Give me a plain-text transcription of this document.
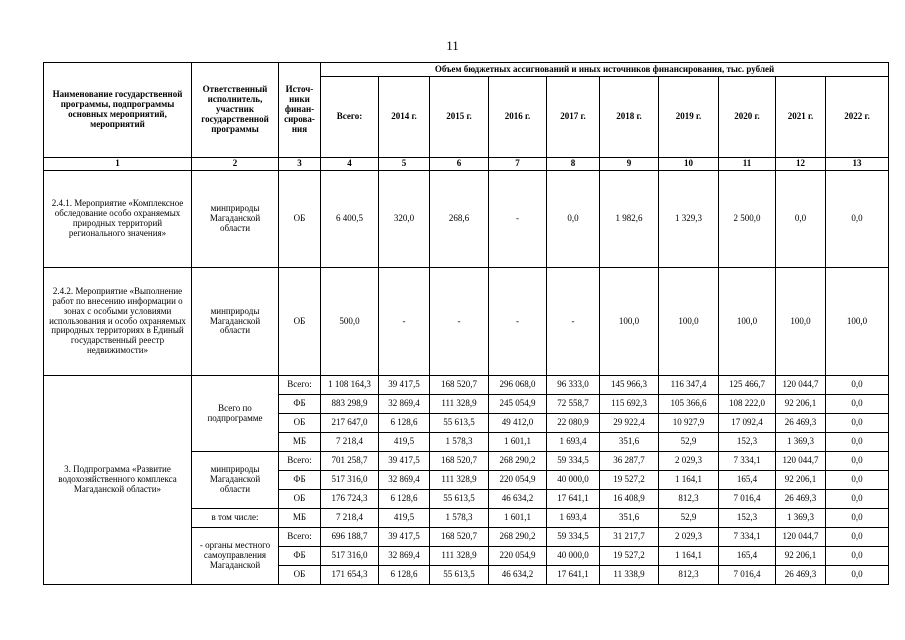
11
Наименование государственной программы, подпрограммы основных мероприятий, мероприятий	Ответственный исполнитель, участник государственной программы	Источ-ники финан-сирова-ния	Объем бюджетных ассигнований и иных источников финансирования, тыс. рублей									
			Всего:	2014 г.	2015 г.	2016 г.	2017 г.	2018 г.	2019 г.	2020 г.	2021 г.	2022 г.
1	2	3	4	5	6	7	8	9	10	11	12	13
2.4.1. Мероприятие «Комплексное обследование особо охраняемых природных территорий регионального значения»	минприроды Магаданской области	ОБ	6 400,5	320,0	268,6	-	0,0	1 982,6	1 329,3	2 500,0	0,0	0,0
2.4.2. Мероприятие «Выполнение работ по внесению информации о зонах с особыми условиями использования и особо охраняемых природных территориях в Единый государственный реестр недвижимости»	минприроды Магаданской области	ОБ	500,0	-	-	-	-	100,0	100,0	100,0	100,0	100,0
3. Подпрограмма «Развитие водохозяйственного комплекса Магаданской области»	Всего по подпрограмме	Всего:	1 108 164,3	39 417,5	168 520,7	296 068,0	96 333,0	145 966,3	116 347,4	125 466,7	120 044,7	0,0
		ФБ	883 298,9	32 869,4	111 328,9	245 054,9	72 558,7	115 692,3	105 366,6	108 222,0	92 206,1	0,0
		ОБ	217 647,0	6 128,6	55 613,5	49 412,0	22 080,9	29 922,4	10 927,9	17 092,4	26 469,3	0,0
		МБ	7 218,4	419,5	1 578,3	1 601,1	1 693,4	351,6	52,9	152,3	1 369,3	0,0
	минприроды Магаданской области	Всего:	701 258,7	39 417,5	168 520,7	268 290,2	59 334,5	36 287,7	2 029,3	7 334,1	120 044,7	0,0
		ФБ	517 316,0	32 869,4	111 328,9	220 054,9	40 000,0	19 527,2	1 164,1	165,4	92 206,1	0,0
		ОБ	176 724,3	6 128,6	55 613,5	46 634,2	17 641,1	16 408,9	812,3	7 016,4	26 469,3	0,0
	в том числе:	МБ	7 218,4	419,5	1 578,3	1 601,1	1 693,4	351,6	52,9	152,3	1 369,3	0,0
	- органы местного самоуправления Магаданской	Всего:	696 188,7	39 417,5	168 520,7	268 290,2	59 334,5	31 217,7	2 029,3	7 334,1	120 044,7	0,0
		ФБ	517 316,0	32 869,4	111 328,9	220 054,9	40 000,0	19 527,2	1 164,1	165,4	92 206,1	0,0
		ОБ	171 654,3	6 128,6	55 613,5	46 634,2	17 641,1	11 338,9	812,3	7 016,4	26 469,3	0,0
